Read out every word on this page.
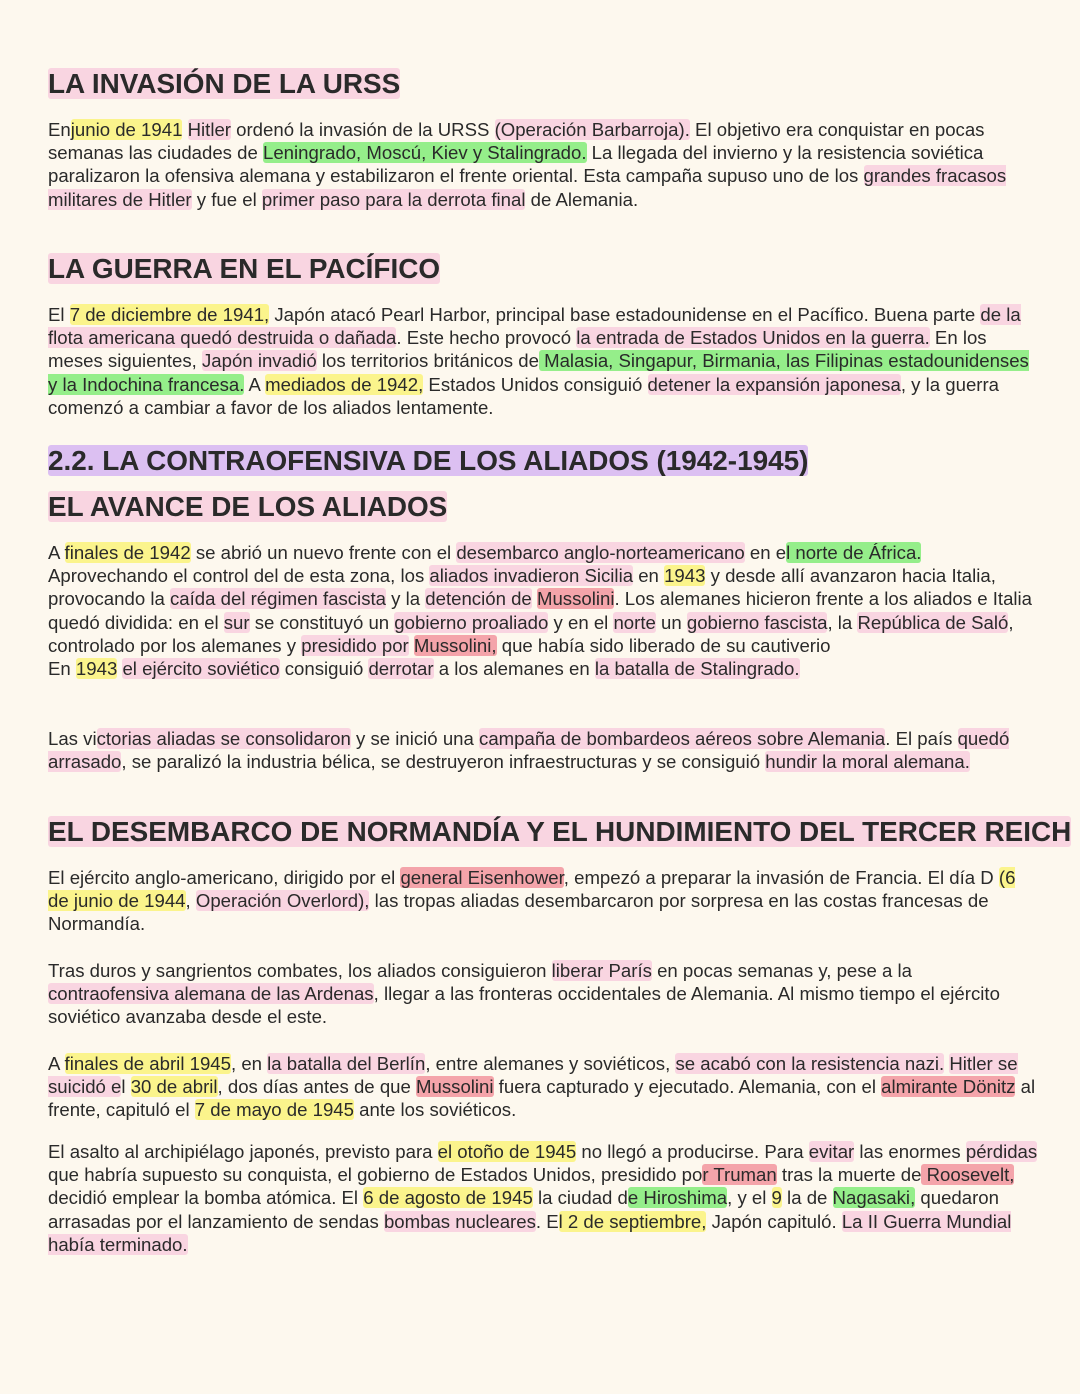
LA INVASIÓN DE LA URSS

Enjunio de 1941 Hitler ordenó la invasión de la URSS (Operación Barbarroja). El objetivo era conquistar en pocas semanas las ciudades de Leningrado, Moscú, Kiev y Stalingrado. La llegada del invierno y la resistencia soviética paralizaron la ofensiva alemana y estabilizaron el frente oriental. Esta campaña supuso uno de los grandes fracasos militares de Hitler y fue el primer paso para la derrota final de Alemania.

LA GUERRA EN EL PACÍFICO

El 7 de diciembre de 1941, Japón atacó Pearl Harbor, principal base estadounidense en el Pacífico. Buena parte de la flota americana quedó destruida o dañada. Este hecho provocó la entrada de Estados Unidos en la guerra. En los meses siguientes, Japón invadió los territorios británicos de Malasia, Singapur, Birmania, las Filipinas estadounidenses y la Indochina francesa. A mediados de 1942, Estados Unidos consiguió detener la expansión japonesa, y la guerra comenzó a cambiar a favor de los aliados lentamente.

2.2. LA CONTRAOFENSIVA DE LOS ALIADOS (1942-1945)
EL AVANCE DE LOS ALIADOS

A finales de 1942 se abrió un nuevo frente con el desembarco anglo-norteamericano en el norte de África. Aprovechando el control del de esta zona, los aliados invadieron Sicilia en 1943 y desde allí avanzaron hacia Italia, provocando la caída del régimen fascista y la detención de Mussolini. Los alemanes hicieron frente a los aliados e Italia quedó dividida: en el sur se constituyó un gobierno proaliado y en el norte un gobierno fascista, la República de Saló, controlado por los alemanes y presidido por Mussolini, que había sido liberado de su cautiverio
En 1943 el ejército soviético consiguió derrotar a los alemanes en la batalla de Stalingrado.

Las victorias aliadas se consolidaron y se inició una campaña de bombardeos aéreos sobre Alemania. El país quedó arrasado, se paralizó la industria bélica, se destruyeron infraestructuras y se consiguió hundir la moral alemana.

EL DESEMBARCO DE NORMANDÍA Y EL HUNDIMIENTO DEL TERCER REICH

El ejército anglo-americano, dirigido por el general Eisenhower, empezó a preparar la invasión de Francia. El día D (6 de junio de 1944, Operación Overlord), las tropas aliadas desembarcaron por sorpresa en las costas francesas de Normandía.

Tras duros y sangrientos combates, los aliados consiguieron liberar París en pocas semanas y, pese a la contraofensiva alemana de las Ardenas, llegar a las fronteras occidentales de Alemania. Al mismo tiempo el ejército soviético avanzaba desde el este.

A finales de abril 1945, en la batalla del Berlín, entre alemanes y soviéticos, se acabó con la resistencia nazi. Hitler se suicidó el 30 de abril, dos días antes de que Mussolini fuera capturado y ejecutado. Alemania, con el almirante Dönitz al frente, capituló el 7 de mayo de 1945 ante los soviéticos.

El asalto al archipiélago japonés, previsto para el otoño de 1945 no llegó a producirse. Para evitar las enormes pérdidas que habría supuesto su conquista, el gobierno de Estados Unidos, presidido por Truman tras la muerte de Roosevelt, decidió emplear la bomba atómica. El 6 de agosto de 1945 la ciudad de Hiroshima, y el 9 la de Nagasaki, quedaron arrasadas por el lanzamiento de sendas bombas nucleares. El 2 de septiembre, Japón capituló. La II Guerra Mundial había terminado.
